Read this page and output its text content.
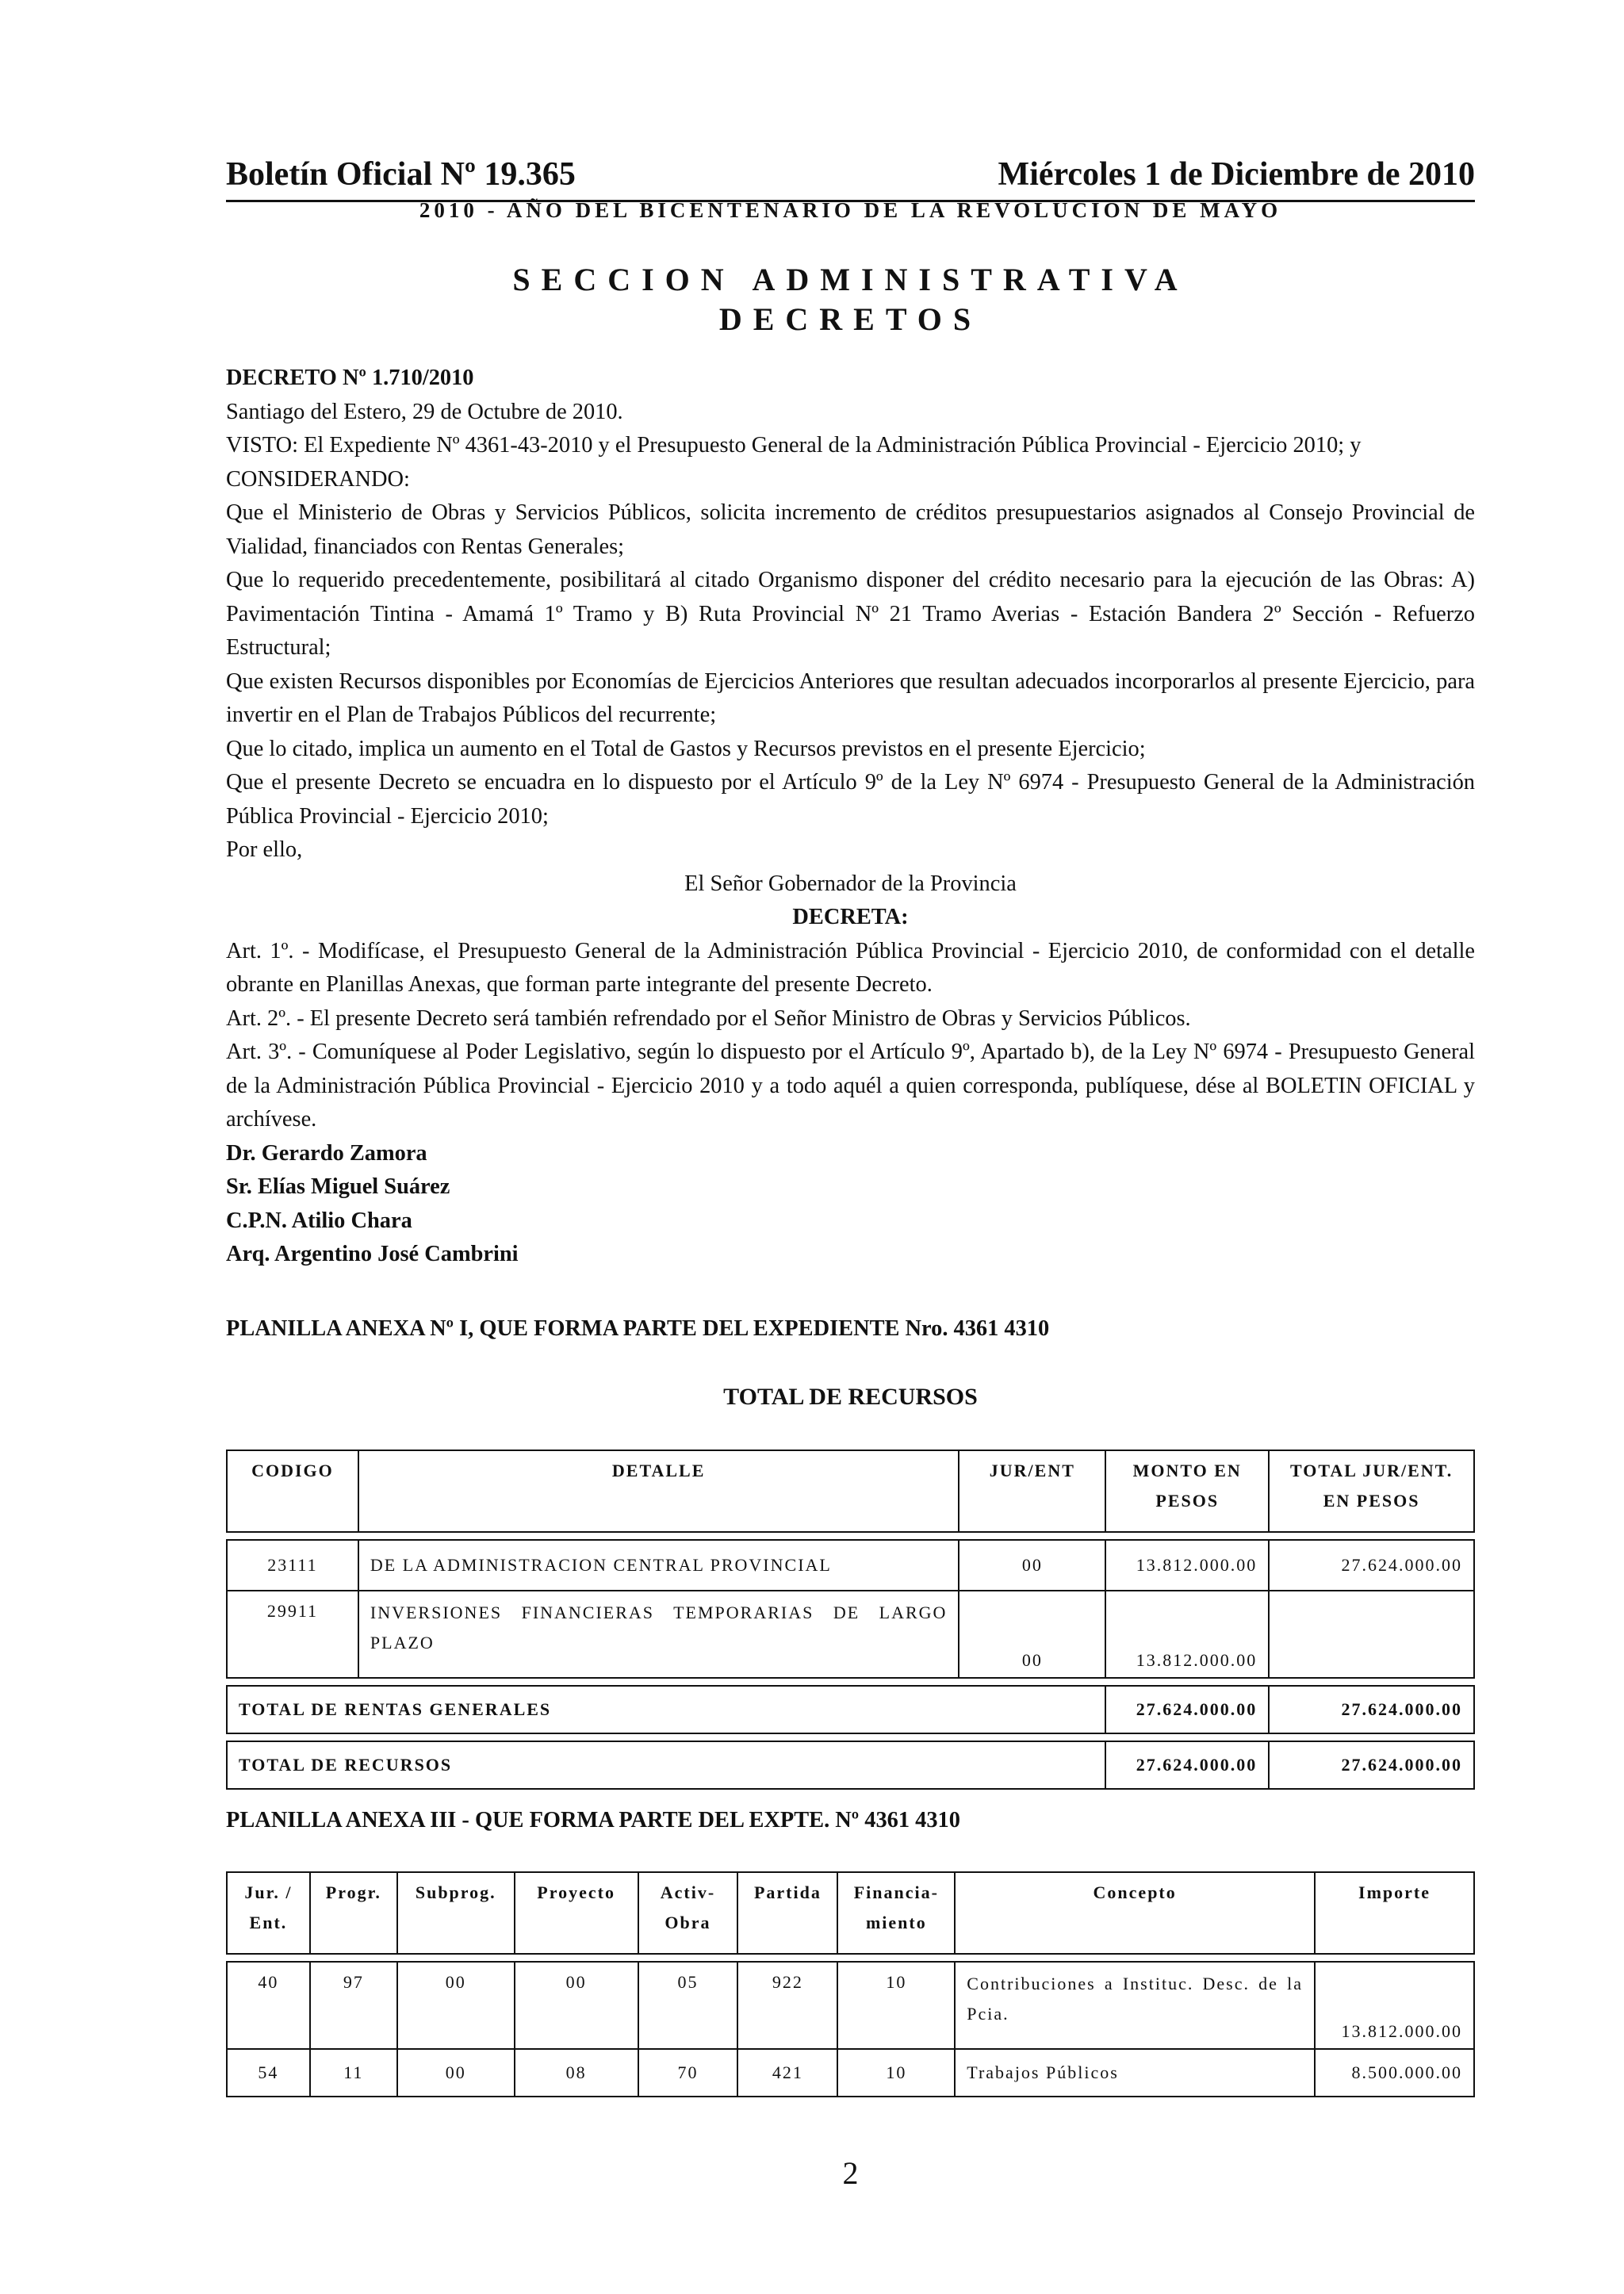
Boletín Oficial Nº 19.365	Miércoles 1 de Diciembre de 2010
2010 - AÑO DEL BICENTENARIO DE LA REVOLUCION DE MAYO
SECCION ADMINISTRATIVA
DECRETOS

DECRETO Nº 1.710/2010

Santiago del Estero, 29 de Octubre de 2010.

VISTO: El Expediente Nº 4361-43-2010 y el Presupuesto General de la Administración Pública Provincial - Ejercicio 2010; y

CONSIDERANDO:

Que el Ministerio de Obras y Servicios Públicos, solicita incremento de créditos presupuestarios asignados al Consejo Provincial de Vialidad, financiados con Rentas Generales;

Que lo requerido precedentemente, posibilitará al citado Organismo disponer del crédito necesario para la ejecución de las Obras: A) Pavimentación Tintina - Amamá 1º Tramo y B) Ruta Provincial Nº 21 Tramo Averias - Estación Bandera 2º Sección - Refuerzo Estructural;

Que existen Recursos disponibles por Economías de Ejercicios Anteriores que resultan adecuados incorporarlos al presente Ejercicio, para invertir en el Plan de Trabajos Públicos del recurrente;

Que lo citado, implica un aumento en el Total de Gastos y Recursos previstos en el presente Ejercicio;

Que el presente Decreto se encuadra en lo dispuesto por el Artículo 9º de la Ley Nº 6974 - Presupuesto General de la Administración Pública Provincial - Ejercicio 2010;

Por ello,

El Señor Gobernador de la Provincia

DECRETA:

Art. 1º. - Modifícase, el Presupuesto General de la Administración Pública Provincial - Ejercicio 2010, de conformidad con el detalle obrante en Planillas Anexas, que forman parte integrante del presente Decreto.

Art. 2º. - El presente Decreto será también refrendado por el Señor Ministro de Obras y Servicios Públicos.

Art. 3º. - Comuníquese al Poder Legislativo, según lo dispuesto por el Artículo 9º, Apartado b), de la Ley Nº 6974 - Presupuesto General de la Administración Pública Provincial - Ejercicio 2010 y a todo aquél a quien corresponda, publíquese, dése al BOLETIN OFICIAL y archívese.

Dr. Gerardo Zamora

Sr. Elías Miguel Suárez

C.P.N. Atilio Chara

Arq. Argentino José Cambrini

PLANILLA ANEXA Nº I, QUE FORMA PARTE DEL EXPEDIENTE Nro. 4361 4310
TOTAL DE RECURSOS
CODIGO	DETALLE	JUR/ENT	MONTO EN PESOS	TOTAL JUR/ENT. EN PESOS

23111	DE LA ADMINISTRACION CENTRAL PROVINCIAL	00	13.812.000.00	27.624.000.00
29911	INVERSIONES FINANCIERAS TEMPORARIAS DE LARGO PLAZO	00	13.812.000.00	

TOTAL DE RENTAS GENERALES			27.624.000.00	27.624.000.00

TOTAL DE RECURSOS			27.624.000.00	27.624.000.00
PLANILLA ANEXA III - QUE FORMA PARTE DEL EXPTE. Nº 4361 4310
Jur. / Ent.	Progr.	Subprog.	Proyecto	Activ- Obra	Partida	Financia- miento	Concepto	Importe

40	97	00	00	05	922	10	Contribuciones a Instituc. Desc. de la Pcia.	13.812.000.00
54	11	00	08	70	421	10	Trabajos Públicos	8.500.000.00
2
